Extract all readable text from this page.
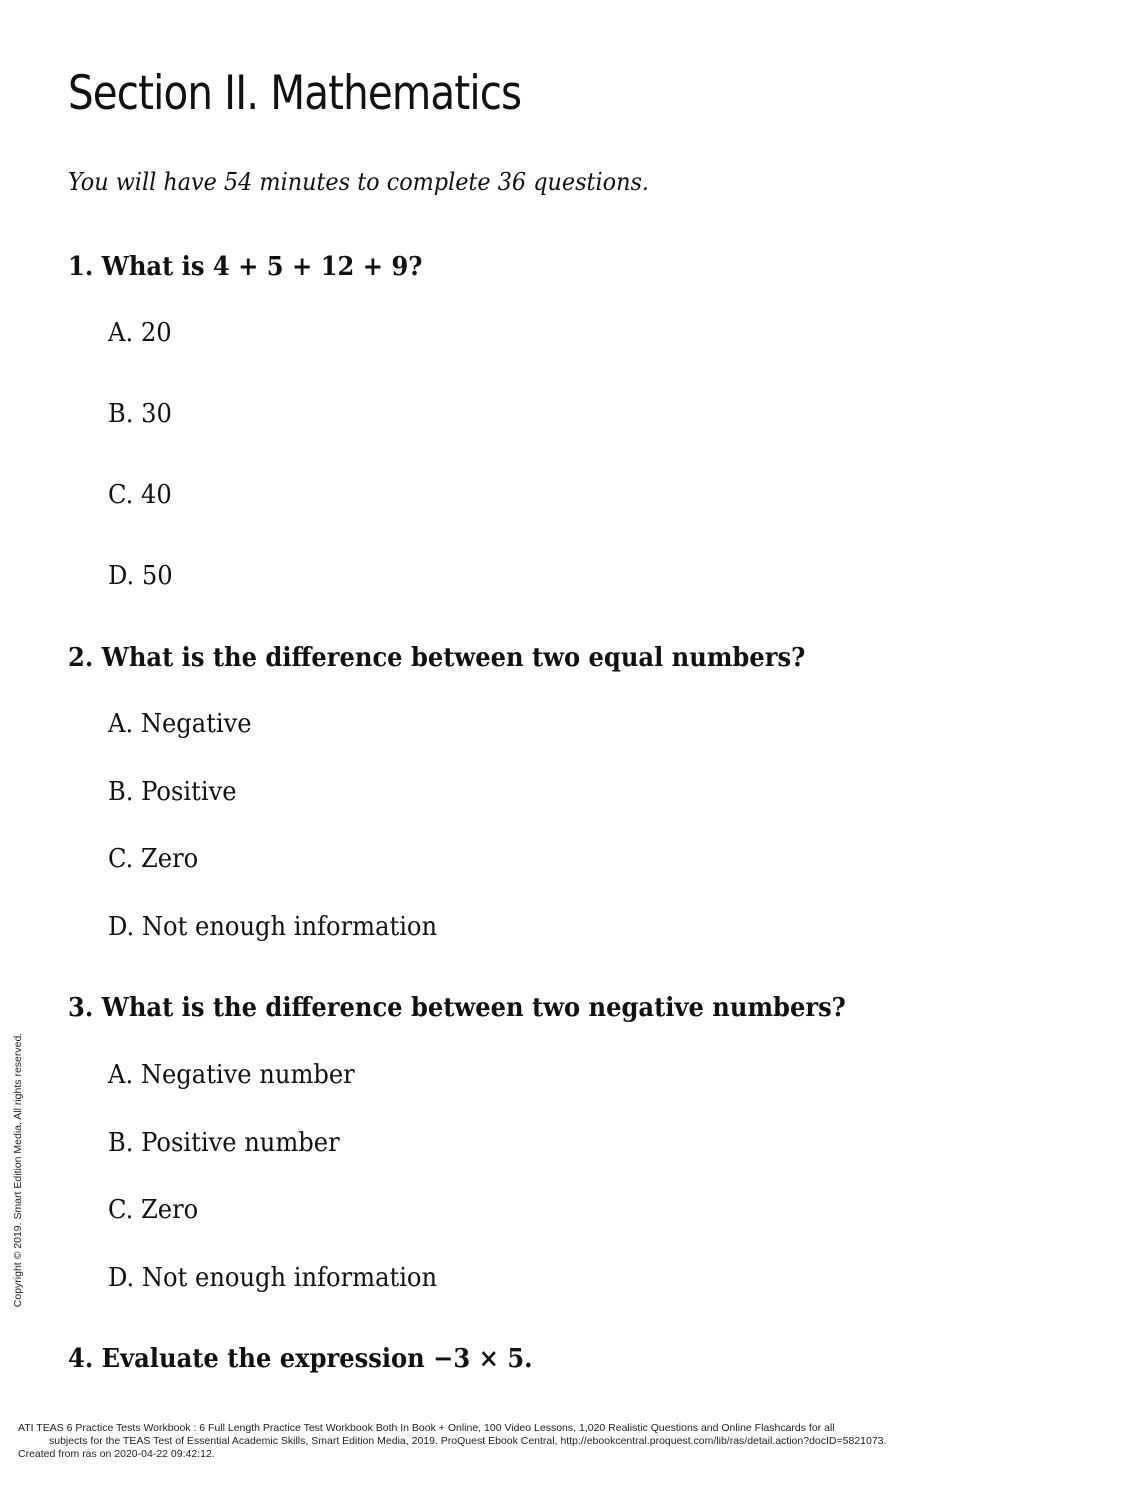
Section II. Mathematics
You will have 54 minutes to complete 36 questions.
1. What is 4 + 5 + 12 + 9?
A. 20
B. 30
C. 40
D. 50
2. What is the difference between two equal numbers?
A. Negative
B. Positive
C. Zero
D. Not enough information
3. What is the difference between two negative numbers?
A. Negative number
B. Positive number
C. Zero
D. Not enough information
4. Evaluate the expression −3 × 5.
Copyright © 2019. Smart Edition Media. All rights reserved.
ATI TEAS 6 Practice Tests Workbook : 6 Full Length Practice Test Workbook Both In Book + Online, 100 Video Lessons, 1,020 Realistic Questions and Online Flashcards for all
subjects for the TEAS Test of Essential Academic Skills, Smart Edition Media, 2019. ProQuest Ebook Central, http://ebookcentral.proquest.com/lib/ras/detail.action?docID=5821073.
Created from ras on 2020-04-22 09:42:12.
